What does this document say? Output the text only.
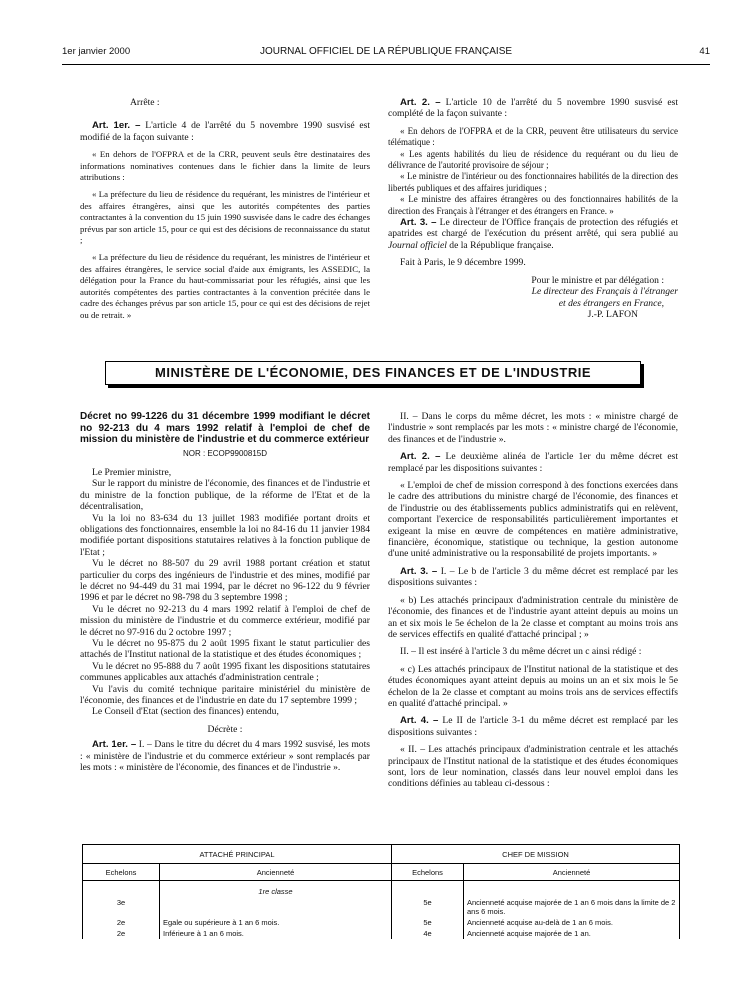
1er janvier 2000	JOURNAL OFFICIEL DE LA RÉPUBLIQUE FRANÇAISE	41

Arrête :

Art. 1er. – L'article 4 de l'arrêté du 5 novembre 1990 susvisé est modifié de la façon suivante :

« En dehors de l'OFPRA et de la CRR, peuvent seuls être destinataires des informations nominatives contenues dans le fichier dans la limite de leurs attributions :

« La préfecture du lieu de résidence du requérant, les ministres de l'intérieur et des affaires étrangères, ainsi que les autorités compétentes des parties contractantes à la convention du 15 juin 1990 susvisée dans le cadre des échanges prévus par son article 15, pour ce qui est des décisions de reconnaissance du statut ;

« La préfecture du lieu de résidence du requérant, les ministres de l'intérieur et des affaires étrangères, le service social d'aide aux émigrants, les ASSEDIC, la délégation pour la France du haut-commissariat pour les réfugiés, ainsi que les autorités compétentes des parties contractantes à la convention précitée dans le cadre des échanges prévus par son article 15, pour ce qui est des décisions de rejet ou de retrait. »

Art. 2. – L'article 10 de l'arrêté du 5 novembre 1990 susvisé est complété de la façon suivante :

« En dehors de l'OFPRA et de la CRR, peuvent être utilisateurs du service télématique :

« Les agents habilités du lieu de résidence du requérant ou du lieu de délivrance de l'autorité provisoire de séjour ;

« Le ministre de l'intérieur ou des fonctionnaires habilités de la direction des libertés publiques et des affaires juridiques ;

« Le ministre des affaires étrangères ou des fonctionnaires habilités de la direction des Français à l'étranger et des étrangers en France. »

Art. 3. – Le directeur de l'Office français de protection des réfugiés et apatrides est chargé de l'exécution du présent arrêté, qui sera publié au Journal officiel de la République française.

Fait à Paris, le 9 décembre 1999.

Pour le ministre et par délégation :

Le directeur des Français à l'étranger

et des étrangers en France,

J.-P. LAFON

MINISTÈRE DE L'ÉCONOMIE, DES FINANCES ET DE L'INDUSTRIE

Décret no 99-1226 du 31 décembre 1999 modifiant le décret no 92-213 du 4 mars 1992 relatif à l'emploi de chef de mission du ministère de l'industrie et du commerce extérieur

NOR : ECOP9900815D

Le Premier ministre,

Sur le rapport du ministre de l'économie, des finances et de l'industrie et du ministre de la fonction publique, de la réforme de l'Etat et de la décentralisation,

Vu la loi no 83-634 du 13 juillet 1983 modifiée portant droits et obligations des fonctionnaires, ensemble la loi no 84-16 du 11 janvier 1984 modifiée portant dispositions statutaires relatives à la fonction publique de l'Etat ;

Vu le décret no 88-507 du 29 avril 1988 portant création et statut particulier du corps des ingénieurs de l'industrie et des mines, modifié par le décret no 94-449 du 31 mai 1994, par le décret no 96-122 du 9 février 1996 et par le décret no 98-798 du 3 septembre 1998 ;

Vu le décret no 92-213 du 4 mars 1992 relatif à l'emploi de chef de mission du ministère de l'industrie et du commerce extérieur, modifié par le décret no 97-916 du 2 octobre 1997 ;

Vu le décret no 95-875 du 2 août 1995 fixant le statut particulier des attachés de l'Institut national de la statistique et des études économiques ;

Vu le décret no 95-888 du 7 août 1995 fixant les dispositions statutaires communes applicables aux attachés d'administration centrale ;

Vu l'avis du comité technique paritaire ministériel du ministère de l'économie, des finances et de l'industrie en date du 17 septembre 1999 ;

Le Conseil d'Etat (section des finances) entendu,

Décrète :

Art. 1er. – I. – Dans le titre du décret du 4 mars 1992 susvisé, les mots : « ministère de l'industrie et du commerce extérieur » sont remplacés par les mots : « ministère de l'économie, des finances et de l'industrie ».

II. – Dans le corps du même décret, les mots : « ministre chargé de l'industrie » sont remplacés par les mots : « ministre chargé de l'économie, des finances et de l'industrie ».

Art. 2. – Le deuxième alinéa de l'article 1er du même décret est remplacé par les dispositions suivantes :

« L'emploi de chef de mission correspond à des fonctions exercées dans le cadre des attributions du ministre chargé de l'économie, des finances et de l'industrie ou des établissements publics administratifs qui en relèvent, comportant l'exercice de responsabilités particulièrement importantes et exigeant la mise en œuvre de compétences en matière administrative, financière, économique, statistique ou technique, la gestion autonome d'une unité administrative ou la responsabilité de projets importants. »

Art. 3. – I. – Le b de l'article 3 du même décret est remplacé par les dispositions suivantes :

« b) Les attachés principaux d'administration centrale du ministère de l'économie, des finances et de l'industrie ayant atteint depuis au moins un an et six mois le 5e échelon de la 2e classe et comptant au moins trois ans de services effectifs en qualité d'attaché principal ; »

II. – Il est inséré à l'article 3 du même décret un c ainsi rédigé :

« c) Les attachés principaux de l'Institut national de la statistique et des études économiques ayant atteint depuis au moins un an et six mois le 5e échelon de la 2e classe et comptant au moins trois ans de services effectifs en qualité d'attaché principal. »

Art. 4. – Le II de l'article 3-1 du même décret est remplacé par les dispositions suivantes :

« II. – Les attachés principaux d'administration centrale et les attachés principaux de l'Institut national de la statistique et des études économiques sont, lors de leur nomination, classés dans leur nouvel emploi dans les conditions définies au tableau ci-dessous :

ATTACHÉ PRINCIPAL		CHEF DE MISSION	
Echelons	Ancienneté	Echelons	Ancienneté
	1re classe		
3e		5e	Ancienneté acquise majorée de 1 an 6 mois dans la limite de 2 ans 6 mois.
2e	Egale ou supérieure à 1 an 6 mois.	5e	Ancienneté acquise au-delà de 1 an 6 mois.
2e	Inférieure à 1 an 6 mois.	4e	Ancienneté acquise majorée de 1 an.
